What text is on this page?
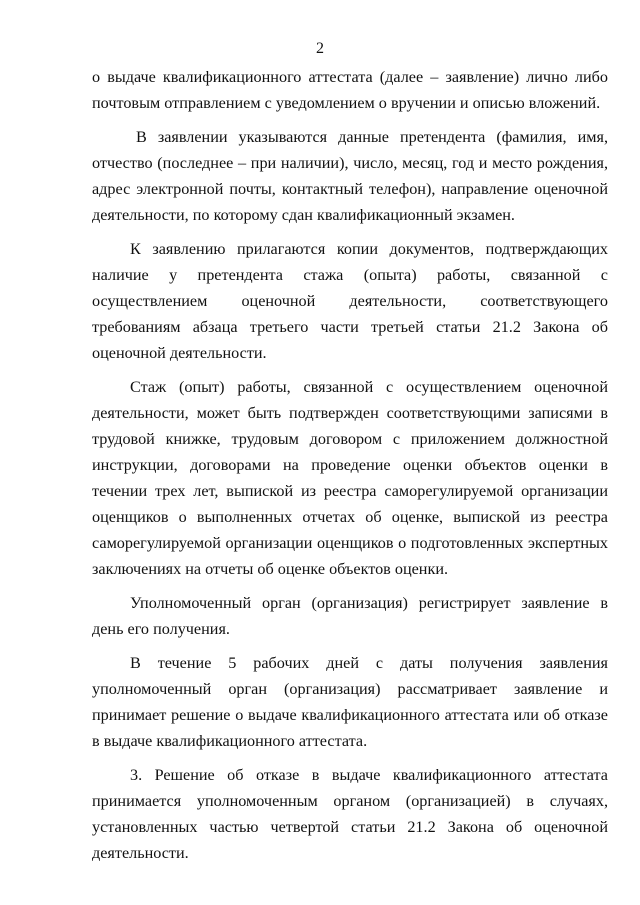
2

о выдаче квалификационного аттестата (далее – заявление) лично либо почтовым отправлением с уведомлением о вручении и описью вложений.

В заявлении указываются данные претендента (фамилия, имя, отчество (последнее – при наличии), число, месяц, год и место рождения, адрес электронной почты, контактный телефон), направление оценочной деятельности, по которому сдан квалификационный экзамен.

К заявлению прилагаются копии документов, подтверждающих наличие у претендента стажа (опыта) работы, связанной с осуществлением оценочной деятельности, соответствующего требованиям абзаца третьего части третьей статьи 21.2 Закона об оценочной деятельности.

Стаж (опыт) работы, связанной с осуществлением оценочной деятельности, может быть подтвержден соответствующими записями в трудовой книжке, трудовым договором с приложением должностной инструкции, договорами на проведение оценки объектов оценки в течении трех лет, выпиской из реестра саморегулируемой организации оценщиков о выполненных отчетах об оценке, выпиской из реестра саморегулируемой организации оценщиков о подготовленных экспертных заключениях на отчеты об оценке объектов оценки.

Уполномоченный орган (организация) регистрирует заявление в день его получения.

В течение 5 рабочих дней с даты получения заявления уполномоченный орган (организация) рассматривает заявление и принимает решение о выдаче квалификационного аттестата или об отказе в выдаче квалификационного аттестата.

3. Решение об отказе в выдаче квалификационного аттестата принимается уполномоченным органом (организацией) в случаях, установленных частью четвертой статьи 21.2 Закона об оценочной деятельности.
